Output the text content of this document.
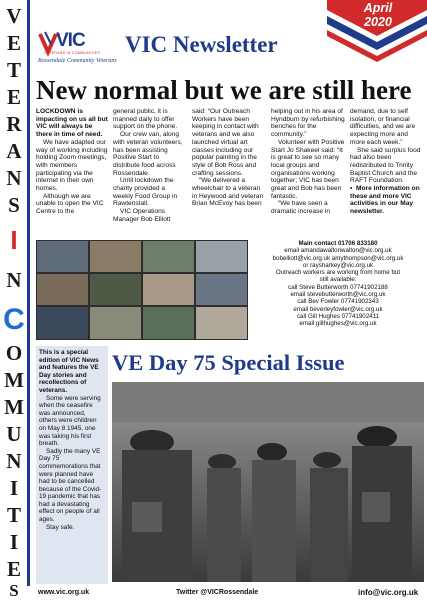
V
E
T
E
R
A
N
S
I
N
C
O
M
M
U
N
I
T
I
E
S
VIC
VETERANS IN COMMUNITIES
Rossendale Community Veterans
VIC Newsletter
April
2020
New normal but we are still here

LOCKDOWN is impacting on us all but VIC will always be there in time of need.

We have adapted our way of working including holding Zoom meetings, with members participating via the internet in their own homes.

Although we are unable to open the VIC Centre to the

general public, it is manned daily to offer support on the phone.

Our crew van, along with veteran volunteers, has been assisting Positive Start to distribute food across Rossendale.

Until lockdown the charity provided a weekly Food Group in Rawtenstall.

VIC Operations Manager Bob Elliott

said: “Our Outreach Workers have been keeping in contact with veterans and we also launched virtual art classes including our popular painting in the style of Bob Ross and crafting sessions.

“We delivered a wheelchair to a veteran in Heywood and veteran Brian McEvoy has been

helping out in his area of Hyndburn by refurbishing benches for the community.”

Volunteer with Positive Start Jo Shakeel said: “It is great to see so many local groups and organisations working together; VIC has been great and Bob has been fantastic.

“We have seen a dramatic increase in

demand, due to self isolation, or financial difficulties, and we are expecting more and more each week.”

She said surplus food had also been redistributed to Trinity Baptist Church and the RAFT Foundation.

• More information on these and more VIC activities in our May newsletter.

Main contact 01706 833180
email amandawaltonwalton@vic.org.uk
bobelliott@vic.org.uk amythompson@vic.org.uk
or raysharkey@vic.org.uk
Outreach workers are working from home but
still available:
call Steve Butterworth 07741902188
email stevebutterworth@vic.org.uk
call Bev Fowler 07741902343
email beverleyfowler@vic.org.uk
call Gill Hughes 07741902411
email gillhughes@vic.org.uk

This is a special edition of VIC News and features the VE Day stories and recollections of veterans.

Some were serving when the ceasefire was announced, others were children on May 8 1945, one was taking his first breath.

Sadly the many VE Day 75 commemorations that were planned have had to be cancelled because of the Covid-19 pandemic that has had a devastating effect on people of all ages.

Stay safe.

VE Day 75 Special Issue
www.vic.org.uk	Twitter @VICRossendale	info@vic.org.uk
